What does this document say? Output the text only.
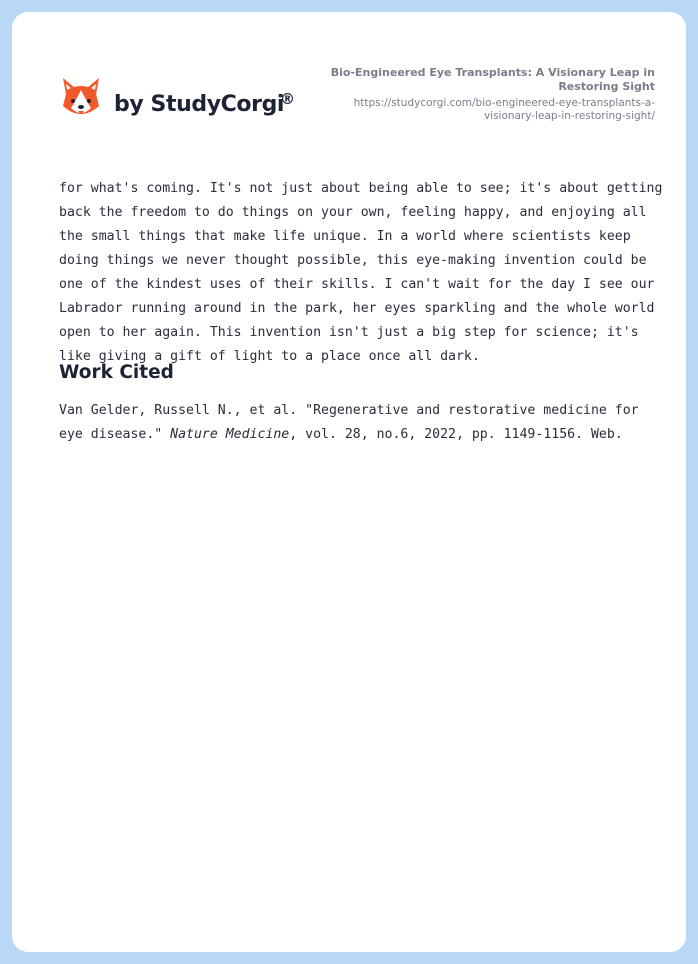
by StudyCorgi
®
Bio-Engineered Eye Transplants: A Visionary Leap in Restoring Sight
https://studycorgi.com/bio-engineered-eye-transplants-a-visionary-leap-in-restoring-sight/

for what's coming. It's not just about being able to see; it's about getting back the freedom to do things on your own, feeling happy, and enjoying all the small things that make life unique. In a world where scientists keep doing things we never thought possible, this eye-making invention could be one of the kindest uses of their skills. I can't wait for the day I see our Labrador running around in the park, her eyes sparkling and the whole world open to her again. This invention isn't just a big step for science; it's like giving a gift of light to a place once all dark.

Work Cited

Van Gelder, Russell N., et al. "Regenerative and restorative medicine for eye disease." Nature Medicine, vol. 28, no.6, 2022, pp. 1149-1156. Web.
